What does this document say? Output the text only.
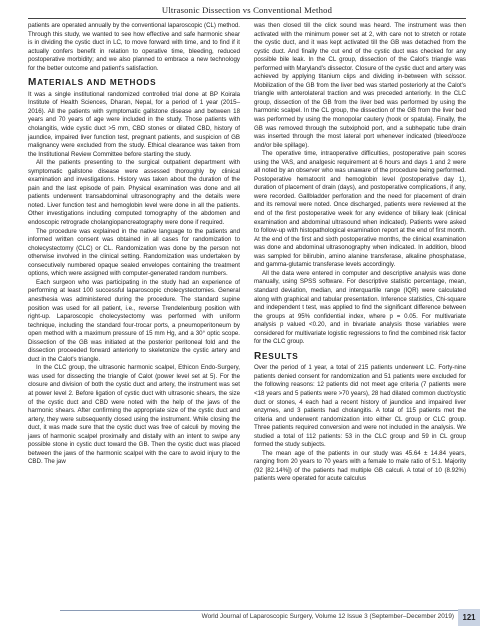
Ultrasonic Dissection vs Conventional Method

patients are operated annually by the conventional laparoscopic (CL) method. Through this study, we wanted to see how effective and safe harmonic shear is in dividing the cystic duct in LC, to move forward with time, and to find if it actually confers benefit in relation to operative time, bleeding, reduced postoperative morbidity; and we also planned to embrace a new technology for the better outcome and patient's satisfaction.

MATERIALS AND METHODS

It was a single institutional randomized controlled trial done at BP Koirala Institute of Health Sciences, Dharan, Nepal, for a period of 1 year (2015–2016). All the patients with symptomatic gallstone disease and between 18 years and 70 years of age were included in the study. Those patients with cholangitis, wide cystic duct >5 mm, CBD stones or dilated CBD, history of jaundice, impaired liver function test, pregnant patients, and suspicion of GB malignancy were excluded from the study. Ethical clearance was taken from the Institutional Review Committee before starting the study.

All the patients presenting to the surgical outpatient department with symptomatic gallstone disease were assessed thoroughly by clinical examination and investigations. History was taken about the duration of the pain and the last episode of pain. Physical examination was done and all patients underwent transabdominal ultrasonography and the details were noted. Liver function test and hemoglobin level were done in all the patients. Other investigations including computed tomography of the abdomen and endoscopic retrograde cholangiopancreatography were done if required.

The procedure was explained in the native language to the patients and informed written consent was obtained in all cases for randomization to cholecystectomy (CLC) or CL. Randomization was done by the person not otherwise involved in the clinical setting. Randomization was undertaken by consecutively numbered opaque sealed envelopes containing the treatment options, which were assigned with computer-generated random numbers.

Each surgeon who was participating in the study had an experience of performing at least 100 successful laparoscopic cholecystectomies. General anesthesia was administered during the procedure. The standard supine position was used for all patient, i.e., reverse Trendelenburg position with right-up. Laparoscopic cholecystectomy was performed with uniform technique, including the standard four-trocar ports, a pneumoperitoneum by open method with a maximum pressure of 15 mm Hg, and a 30° optic scope. Dissection of the GB was initiated at the posterior peritoneal fold and the dissection proceeded forward anteriorly to skeletonize the cystic artery and duct in the Calot's triangle.

In the CLC group, the ultrasonic harmonic scalpel, Ethicon Endo-Surgery, was used for dissecting the triangle of Calot (power level set at 5). For the closure and division of both the cystic duct and artery, the instrument was set at power level 2. Before ligation of cystic duct with ultrasonic shears, the size of the cystic duct and CBD were noted with the help of the jaws of the harmonic shears. After confirming the appropriate size of the cystic duct and artery, they were subsequently closed using the instrument. While closing the duct, it was made sure that the cystic duct was free of calculi by moving the jaws of harmonic scalpel proximally and distally with an intent to swipe any possible stone in cystic duct toward the GB. Then the cystic duct was placed between the jaws of the harmonic scalpel with the care to avoid injury to the CBD. The jaw

was then closed till the click sound was heard. The instrument was then activated with the minimum power set at 2, with care not to stretch or rotate the cystic duct, and it was kept activated till the GB was detached from the cystic duct. And finally the cut end of the cystic duct was checked for any possible bile leak. In the CL group, dissection of the Calot's triangle was performed with Maryland's dissector. Closure of the cystic duct and artery was achieved by applying titanium clips and dividing in-between with scissor. Mobilization of the GB from the liver bed was started posteriorly at the Calot's triangle with anterolateral traction and was preceded anteriorly. In the CLC group, dissection of the GB from the liver bed was performed by using the harmonic scalpel. In the CL group, the dissection of the GB from the liver bed was performed by using the monopolar cautery (hook or spatula). Finally, the GB was removed through the subxiphoid port, and a subhepatic tube drain was inserted through the most lateral port whenever indicated (bleed/ooze and/or bile spillage).

The operative time, intraoperative difficulties, postoperative pain scores using the VAS, and analgesic requirement at 6 hours and days 1 and 2 were all noted by an observer who was unaware of the procedure being performed. Postoperative hematocrit and hemoglobin level (postoperative day 1), duration of placement of drain (days), and postoperative complications, if any, were recorded. Gallbladder perforation and the need for placement of drain and its removal were noted. Once discharged, patients were reviewed at the end of the first postoperative week for any evidence of biliary leak (clinical examination and abdominal ultrasound when indicated). Patients were asked to follow-up with histopathological examination report at the end of first month. At the end of the first and sixth postoperative months, the clinical examination was done and abdominal ultrasonography when indicated. In addition, blood was sampled for bilirubin, amino alanine transferase, alkaline phosphatase, and gamma-glutamic transferase levels accordingly.

All the data were entered in computer and descriptive analysis was done manually, using SPSS software. For descriptive statistic percentage, mean, standard deviation, median, and interquartile range (IQR) were calculated along with graphical and tabular presentation. Inference statistics, Chi-square and independent t test, was applied to find the significant difference between the groups at 95% confidential index, where p = 0.05. For multivariate analysis p valued <0.20, and in bivariate analysis those variables were considered for multivariate logistic regressions to find the combined risk factor for the CLC group.

RESULTS

Over the period of 1 year, a total of 215 patients underwent LC. Forty-nine patients denied consent for randomization and 51 patients were excluded for the following reasons: 12 patients did not meet age criteria (7 patients were <18 years and 5 patients were >70 years), 28 had dilated common duct/cystic duct or stones, 4 each had a recent history of jaundice and impaired liver enzymes, and 3 patients had cholangitis. A total of 115 patients met the criteria and underwent randomization into either CL group or CLC group. Three patients required conversion and were not included in the analysis. We studied a total of 112 patients: 53 in the CLC group and 59 in CL group formed the study subjects.

The mean age of the patients in our study was 45.64 ± 14.84 years, ranging from 20 years to 70 years with a female to male ratio of 5:1. Majority (92 [82.14%]) of the patients had multiple GB calculi. A total of 10 (8.92%) patients were operated for acute calculus

World Journal of Laparoscopic Surgery, Volume 12 Issue 3 (September–December 2019)	121
